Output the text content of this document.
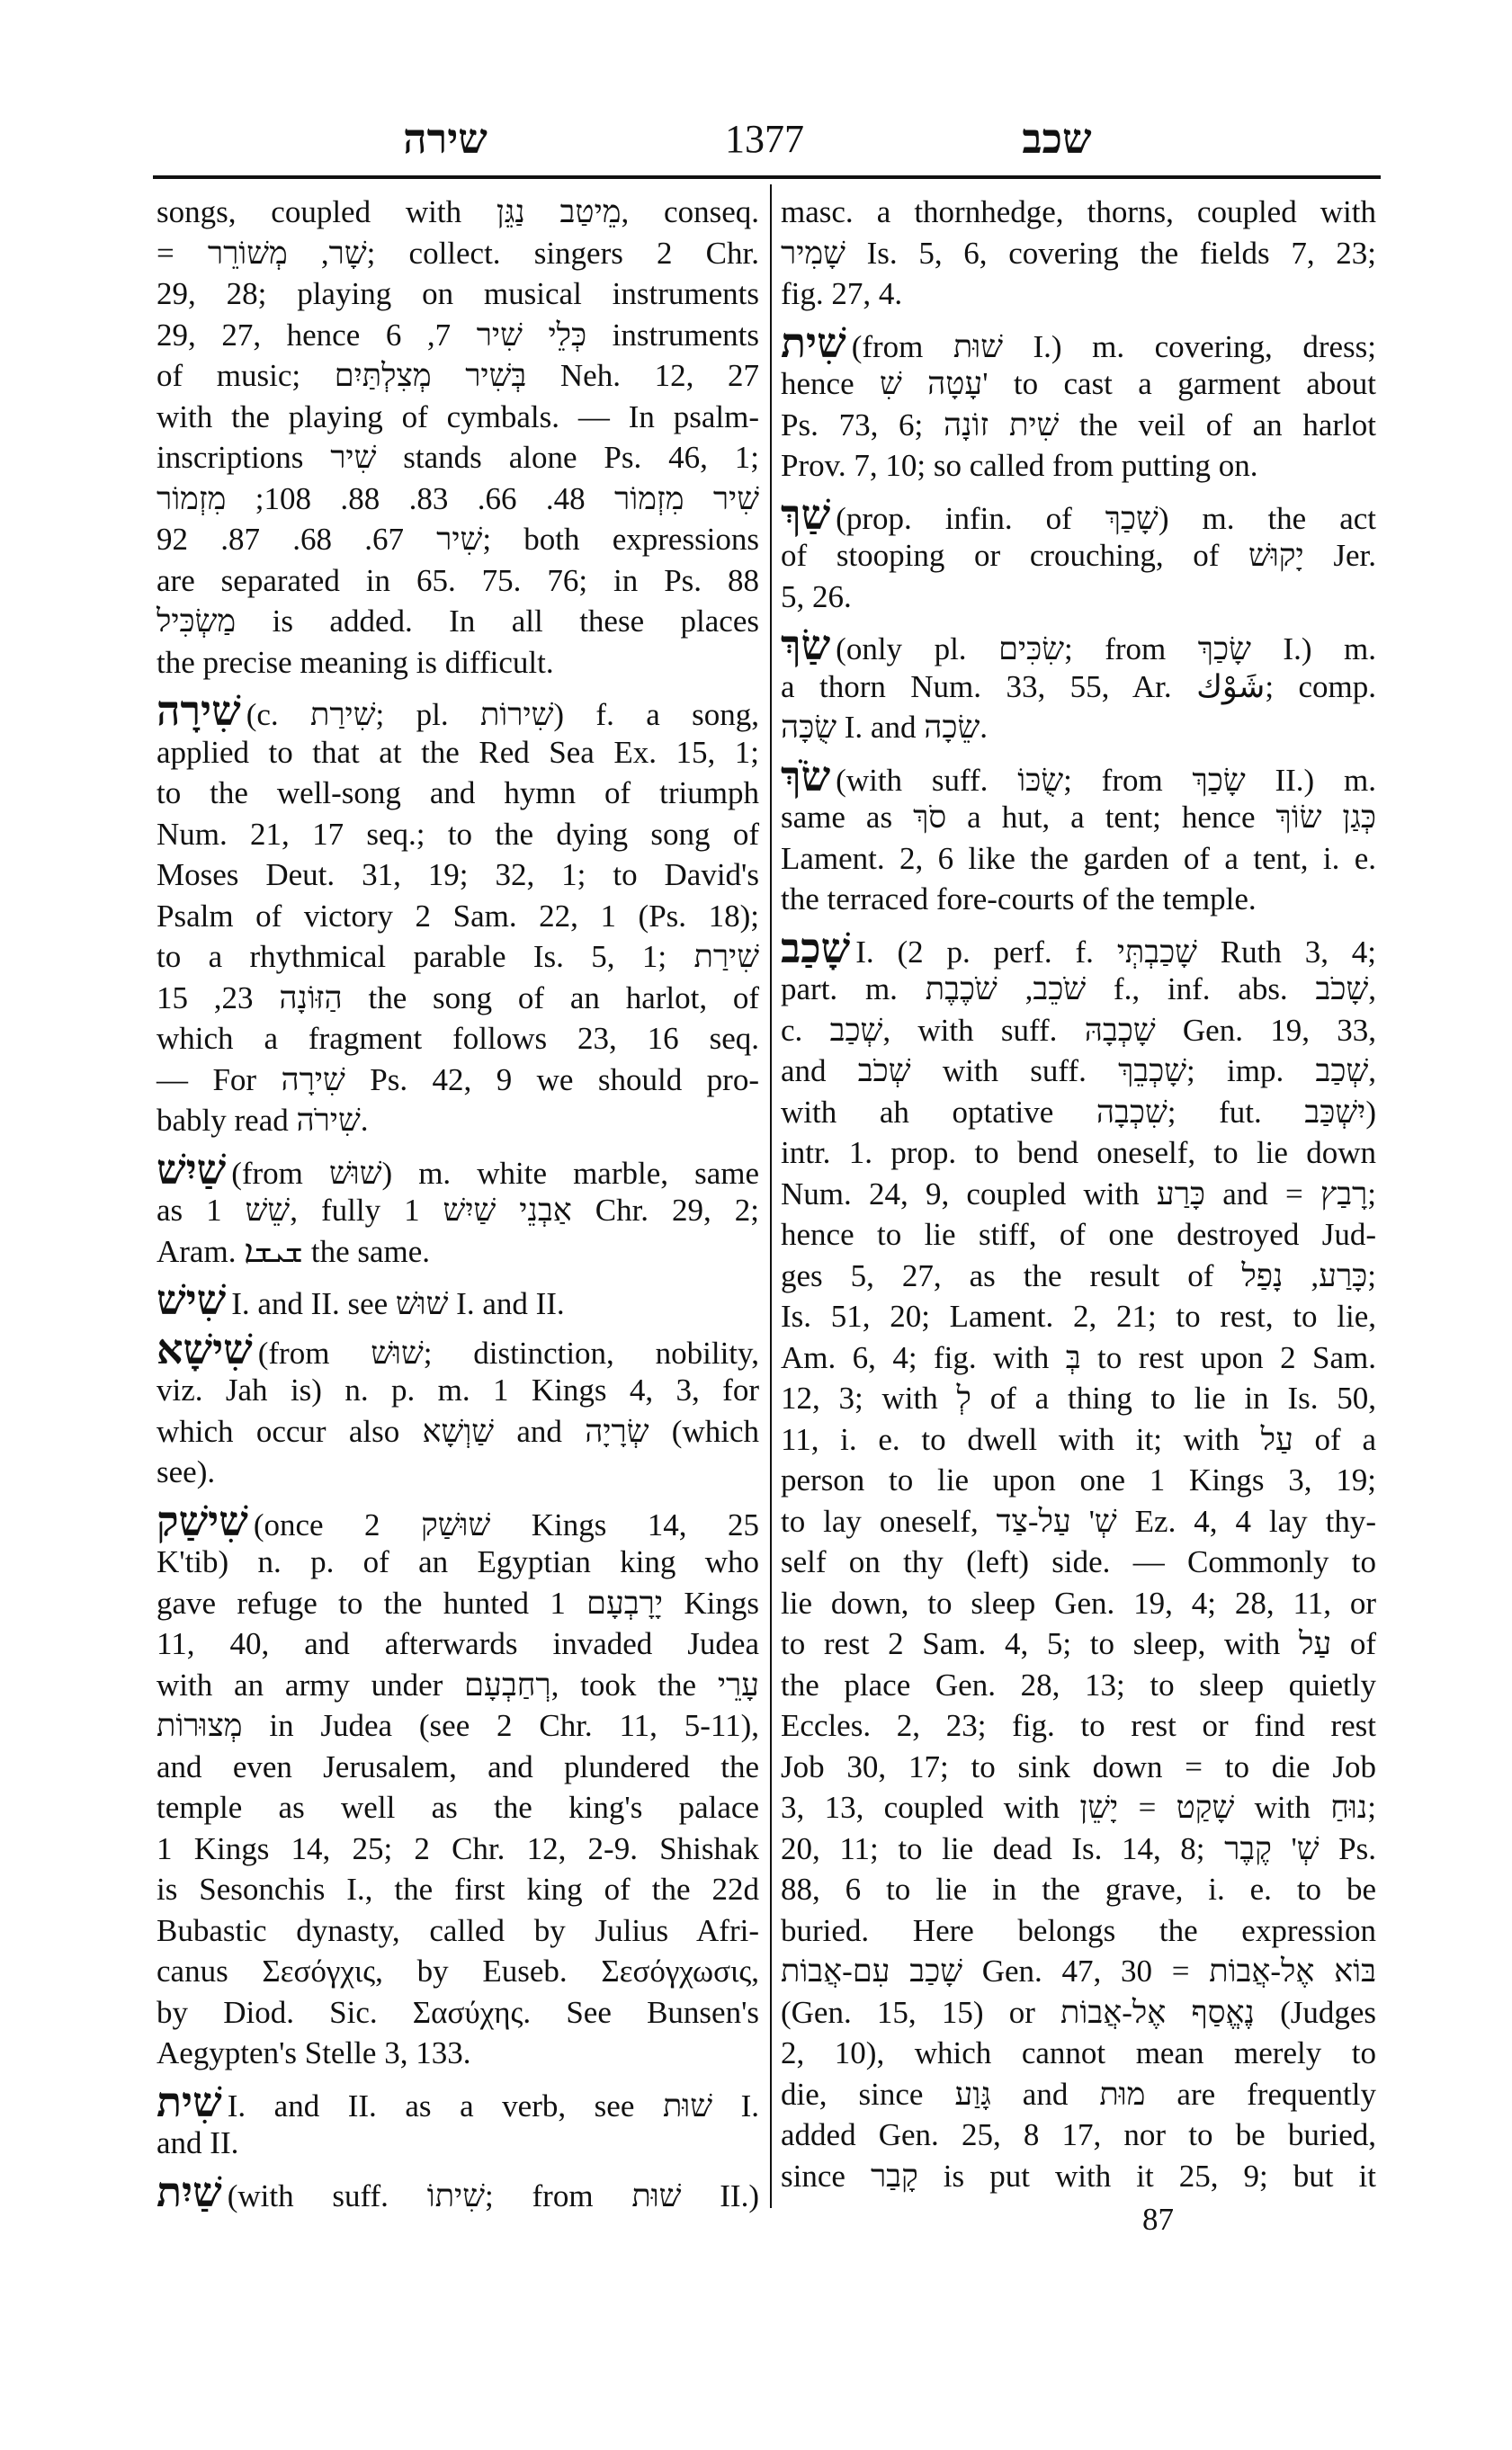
שירה	1377	שכב
songs, coupled with מֵיטַב נַגֵּן, conseq.
= שָׁר, מְשׁוֹרֵר; collect. singers 2 Chr.
29, 28; playing on musical instruments
29, 27, hence כְּלֵי שִׁיר 7, 6 instruments
of music; בְּשִׁיר מְצִלְתַּיִם Neh. 12, 27
with the playing of cymbals. — In psalm-
inscriptions שִׁיר stands alone Ps. 46, 1;
שִׁיר מִזְמוֹר 48. 66. 83. 88. 108; מִזְמוֹר
שִׁיר 67. 68. 87. 92; both expressions
are separated in 65. 75. 76; in Ps. 88
מַשְׂכִּיל is added. In all these places
the precise meaning is difficult.
שִׁירָה (c. שִׁירַת; pl. שִׁירוֹת) f. a song,
applied to that at the Red Sea Ex. 15, 1;
to the well-song and hymn of triumph
Num. 21, 17 seq.; to the dying song of
Moses Deut. 31, 19; 32, 1; to David's
Psalm of victory 2 Sam. 22, 1 (Ps. 18);
to a rhythmical parable Is. 5, 1; שִׁירַת
הַזּוֹנָה 23, 15 the song of an harlot, of
which a fragment follows 23, 16 seq.
— For שִׁירָה Ps. 42, 9 we should pro-
bably read שִׁירֹה.
שַׁיִשׁ (from שׁוּשׁ) m. white marble, same
as שֵׁשׁ 1, fully אַבְנֵי שַׁיִשׁ 1 Chr. 29, 2;
Aram. ܫܝܫܐ the same.
שִׁישׁ I. and II. see שׁוּשׁ I. and II.
שִׁישָׁא (from שׁוּשׁ; distinction, nobility,
viz. Jah is) n. p. m. 1 Kings 4, 3, for
which occur also שַׁוְשָׁא and שְׂרָיָה (which
see).
שִׁישַׁק (once שׁוּשַׁק 2 Kings 14, 25
K'tib) n. p. of an Egyptian king who
gave refuge to the hunted יָרָבְעָם 1 Kings
11, 40, and afterwards invaded Judea
with an army under רְחַבְעָם, took the עָרֵי
מְצוּרוֹת in Judea (see 2 Chr. 11, 5-11),
and even Jerusalem, and plundered the
temple as well as the king's palace
1 Kings 14, 25; 2 Chr. 12, 2-9. Shishak
is Sesonchis I., the first king of the 22d
Bubastic dynasty, called by Julius Afri-
canus Σεσόγχις, by Euseb. Σεσόγχωσις,
by Diod. Sic. Σασύχης. See Bunsen's
Aegypten's Stelle 3, 133.
שִׁית I. and II. as a verb, see שׁוּת I.
and II.
שַׁיִת (with suff. שִׁיתוֹ; from שׁוּת II.)
masc. a thornhedge, thorns, coupled with
שָׁמִיר Is. 5, 6, covering the fields 7, 23;
fig. 27, 4.
שִׁית (from שׁוּת I.) m. covering, dress;
hence עָטָה שִׁ' to cast a garment about
Ps. 73, 6; שִׁית זוֹנָה the veil of an harlot
Prov. 7, 10; so called from putting on.
שַׁךְ (prop. infin. of שָׁכַךְ) m. the act
of stooping or crouching, of יָקוּשׁ Jer.
5, 26.
שַׂךְ (only pl. שִׂכִּים; from שָׂכַךְ I.) m.
a thorn Num. 33, 55, Ar. شَوْك; comp.
שֻׂכָּה I. and שֵׂכָה.
שֹׂךְ (with suff. שֻׂכּוֹ; from שָׂכַךְ II.) m.
same as סֹךְ a hut, a tent; hence כְּגַן שׂוֹךְ
Lament. 2, 6 like the garden of a tent, i. e.
the terraced fore-courts of the temple.
שָׁכַב I. (2 p. perf. f. שָׁכַבְתְּי Ruth 3, 4;
part. m. שֹׁכֵב, שֹׁכֶבֶת f., inf. abs. שָׁכֹב,
c. שְׁכַב, with suff. שָׁכְבָהּ Gen. 19, 33,
and שְׁכֹב with suff. שָׁכְבֵךְ; imp. שְׁכַב,
with ah optative שִׁכְבָה; fut. יִשְׁכַּב)
intr. 1. prop. to bend oneself, to lie down
Num. 24, 9, coupled with כָּרַע and = רָבַץ;
hence to lie stiff, of one destroyed Jud-
ges 5, 27, as the result of כָּרַע, נָפַל;
Is. 51, 20; Lament. 2, 21; to rest, to lie,
Am. 6, 4; fig. with בְּ to rest upon 2 Sam.
12, 3; with לְ of a thing to lie in Is. 50,
11, i. e. to dwell with it; with עַל of a
person to lie upon one 1 Kings 3, 19;
to lay oneself, שְׁ' עַל-צַד Ez. 4, 4 lay thy-
self on thy (left) side. — Commonly to
lie down, to sleep Gen. 19, 4; 28, 11, or
to rest 2 Sam. 4, 5; to sleep, with עַל of
the place Gen. 28, 13; to sleep quietly
Eccles. 2, 23; fig. to rest or find rest
Job 30, 17; to sink down = to die Job
3, 13, coupled with שָׁקַט = יָשֵׁן with נוּחַ;
20, 11; to lie dead Is. 14, 8; שְׁ' קֶבֶר Ps.
88, 6 to lie in the grave, i. e. to be
buried. Here belongs the expression
שָׁכַב עִם-אֲבוֹת Gen. 47, 30 = בּוֹא אֶל-אֲבוֹת
(Gen. 15, 15) or נֶאֱסַף אֶל-אֲבוֹת (Judges
2, 10), which cannot mean merely to
die, since גָּוַע and מוּת are frequently
added Gen. 25, 8 17, nor to be buried,
since קָבַר is put with it 25, 9; but it
87
